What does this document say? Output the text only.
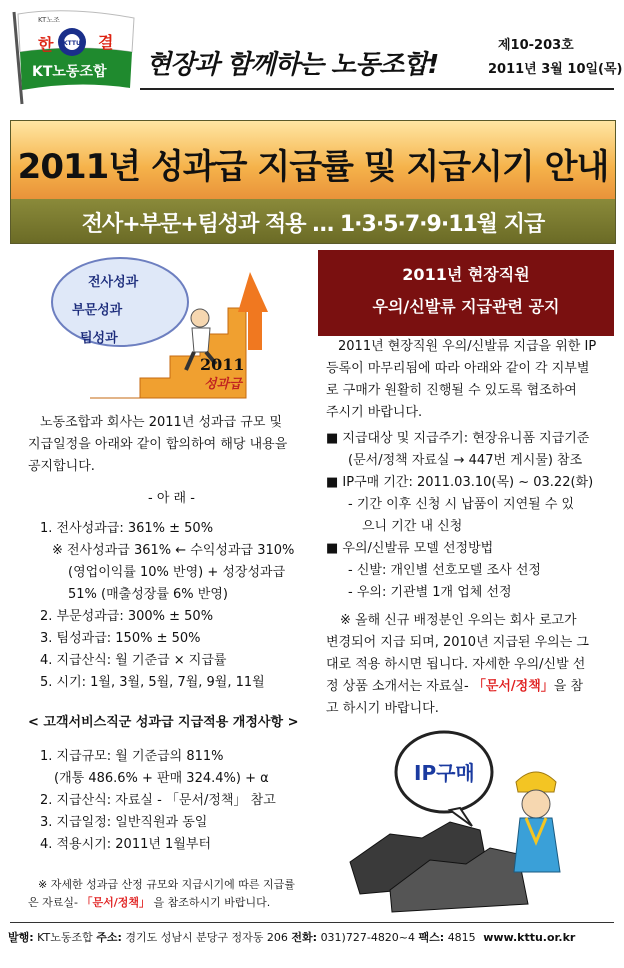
한	결
KTTU
KT노조
KT노동조합 현장과 함께하는 노동조합!
제10-203호
2011년 3월 10일(목)
2011년 성과급 지급률 및 지급시기 안내
전사+부문+팀성과 적용 … 1·3·5·7·9·11월 지급
전사성과
부문성과
팀성과
2011
성과급
2011년 현장직원
우의/신발류 지급관련 공지
2011년 현장직원 우의/신발류 지급을 위한 IP
등록이 마무리됨에 따라 아래와 같이 각 지부별
로 구매가 원활히 진행될 수 있도록 협조하여
주시기 바랍니다.
■ 지급대상 및 지급주기: 현장유니폼 지급기준
(문서/정책 자료실 → 447번 게시물) 참조
■ IP구매 기간: 2011.03.10(목) ~ 03.22(화)
- 기간 이후 신청 시 납품이 지연될 수 있
으니 기간 내 신청
■ 우의/신발류 모델 선정방법
- 신발: 개인별 선호모델 조사 선정
- 우의: 기관별 1개 업체 선정
※ 올해 신규 배정분인 우의는 회사 로고가
변경되어 지급 되며, 2010년 지급된 우의는 그
대로 적용 하시면 됩니다. 자세한 우의/신발 선
정 상품 소개서는 자료실- 「문서/정책」을 참
고 하시기 바랍니다.
노동조합과 회사는 2011년 성과급 규모 및
지급일정을 아래와 같이 합의하여 해당 내용을
공지합니다.
- 아 래 -
1. 전사성과급: 361% ± 50%
※ 전사성과급 361% ← 수익성과급 310%
(영업이익률 10% 반영) + 성장성과급
51% (매출성장률 6% 반영)
2. 부문성과급: 300% ± 50%
3. 팀성과급: 150% ± 50%
4. 지급산식: 월 기준급 × 지급률
5. 시기: 1월, 3월, 5월, 7월, 9월, 11월
< 고객서비스직군 성과급 지급적용 개정사항 >
1. 지급규모: 월 기준급의 811%
(개통 486.6% + 판매 324.4%) + α
2. 지급산식: 자료실 - 「문서/정책」 참고
3. 지급일정: 일반직원과 동일
4. 적용시기: 2011년 1월부터
※ 자세한 성과급 산정 규모와 지급시기에 따른 지급률
은 자료실- 「문서/정책」 을 참조하시기 바랍니다.
IP구매
발행: KT노동조합 주소: 경기도 성남시 분당구 정자동 206 전화: 031)727-4820~4 팩스: 4815 www.kttu.or.kr
